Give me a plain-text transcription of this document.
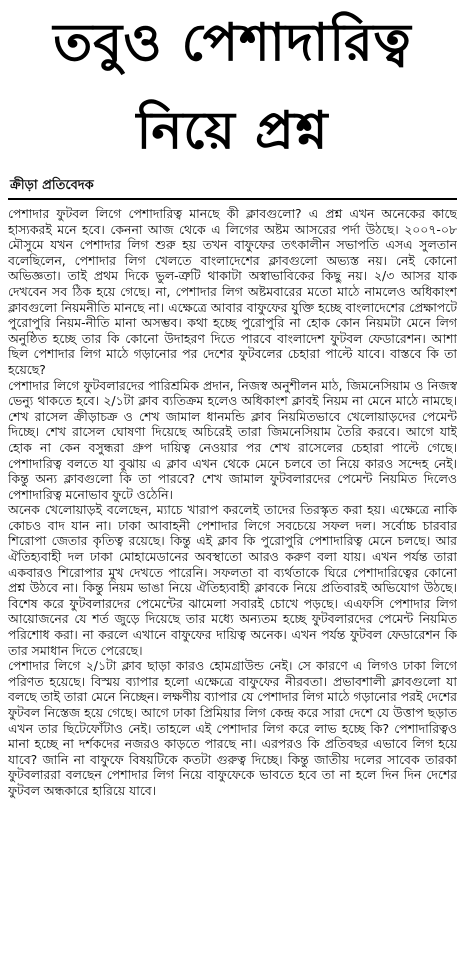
তবুও পেশাদারিত্ব
নিয়ে প্রশ্ন
ক্রীড়া প্রতিবেদক

পেশাদার ফুটবল লিগে পেশাদারিত্ব মানছে কী ক্লাবগুলো? এ প্রশ্ন এখন অনেকের কাছে হাস্যকরই মনে হবে। কেননা আজ থেকে এ লিগের অষ্টম আসরের পর্দা উঠছে। ২০০৭-০৮ মৌসুমে যখন পেশাদার লিগ শুরু হয় তখন বাফুফের তৎকালীন সভাপতি এসএ সুলতান বলেছিলেন, পেশাদার লিগ খেলতে বাংলাদেশের ক্লাবগুলো অভ্যস্ত নয়। নেই কোনো অভিজ্ঞতা। তাই প্রথম দিকে ভুল-ত্রুটি থাকাটা অস্বাভাবিকের কিছু নয়। ২/৩ আসর যাক দেখবেন সব ঠিক হয়ে গেছে। না, পেশাদার লিগ অষ্টমবারের মতো মাঠে নামলেও অধিকাংশ ক্লাবগুলো নিয়মনীতি মানছে না। এক্ষেত্রে আবার বাফুফের যুক্তি হচ্ছে বাংলাদেশের প্রেক্ষাপটে পুরোপুরি নিয়ম-নীতি মানা অসম্ভব। কথা হচ্ছে পুরোপুরি না হোক কোন নিয়মটা মেনে লিগ অনুষ্ঠিত হচ্ছে তার কি কোনো উদাহরণ দিতে পারবে বাংলাদেশ ফুটবল ফেডারেশন। আশা ছিল পেশাদার লিগ মাঠে গড়ানোর পর দেশের ফুটবলের চেহারা পাল্টে যাবে। বাস্তবে কি তা হয়েছে?

পেশাদার লিগে ফুটবলারদের পারিশ্রমিক প্রদান, নিজস্ব অনুশীলন মাঠ, জিমনেসিয়াম ও নিজস্ব ভেন্যু থাকতে হবে। ২/১টা ক্লাব ব্যতিক্রম হলেও অধিকাংশ ক্লাবই নিয়ম না মেনে মাঠে নামছে। শেখ রাসেল ক্রীড়াচক্র ও শেখ জামাল ধানমন্ডি ক্লাব নিয়মিতভাবে খেলোয়াড়দের পেমেন্ট দিচ্ছে। শেখ রাসেল ঘোষণা দিয়েছে অচিরেই তারা জিমনেসিয়াম তৈরি করবে। আগে যাই হোক না কেন বসুন্ধরা গ্রুপ দায়িত্ব নেওয়ার পর শেখ রাসেলের চেহারা পাল্টে গেছে। পেশাদারিত্ব বলতে যা বুঝায় এ ক্লাব এখন থেকে মেনে চলবে তা নিয়ে কারও সন্দেহ নেই। কিন্তু অন্য ক্লাবগুলো কি তা পারবে? শেখ জামাল ফুটবলারদের পেমেন্ট নিয়মিত দিলেও পেশাদারিত্ব মনোভাব ফুটে ওঠেনি।

অনেক খেলোয়াড়ই বলেছেন, ম্যাচে খারাপ করলেই তাদের তিরস্কৃত করা হয়। এক্ষেত্রে নাকি কোচও বাদ যান না। ঢাকা আবাহনী পেশাদার লিগে সবচেয়ে সফল দল। সর্বোচ্চ চারবার শিরোপা জেতার কৃতিত্ব রয়েছে। কিন্তু এই ক্লাব কি পুরোপুরি পেশাদারিত্ব মেনে চলছে। আর ঐতিহ্যবাহী দল ঢাকা মোহামেডানের অবস্থাতো আরও করুণ বলা যায়। এখন পর্যন্ত তারা একবারও শিরোপার মুখ দেখতে পারেনি। সফলতা বা ব্যর্থতাকে ঘিরে পেশাদারিত্বের কোনো প্রশ্ন উঠবে না। কিন্তু নিয়ম ভাঙা নিয়ে ঐতিহ্যবাহী ক্লাবকে নিয়ে প্রতিবারই অভিযোগ উঠছে। বিশেষ করে ফুটবলারদের পেমেন্টের ঝামেলা সবারই চোখে পড়ছে। এএফসি পেশাদার লিগ আয়োজনের যে শর্ত জুড়ে দিয়েছে তার মধ্যে অন্যতম হচ্ছে ফুটবলারদের পেমেন্ট নিয়মিত পরিশোধ করা। না করলে এখানে বাফুফের দায়িত্ব অনেক। এখন পর্যন্ত ফুটবল ফেডারেশন কি তার সমাধান দিতে পেরেছে।

পেশাদার লিগে ২/১টা ক্লাব ছাড়া কারও হোমগ্রাউন্ড নেই। সে কারণে এ লিগও ঢাকা লিগে পরিণত হয়েছে। বিস্ময় ব্যাপার হলো এক্ষেত্রে বাফুফের নীরবতা। প্রভাবশালী ক্লাবগুলো যা বলছে তাই তারা মেনে নিচ্ছেন। লক্ষণীয় ব্যাপার যে পেশাদার লিগ মাঠে গড়ানোর পরই দেশের ফুটবল নিস্তেজ হয়ে গেছে। আগে ঢাকা প্রিমিয়ার লিগ কেন্দ্র করে সারা দেশে যে উত্তাপ ছড়াত এখন তার ছিটেফোঁটাও নেই। তাহলে এই পেশাদার লিগ করে লাভ হচ্ছে কি? পেশাদারিত্বও মানা হচ্ছে না দর্শকদের নজরও কাড়তে পারছে না। এরপরও কি প্রতিবছর এভাবে লিগ হয়ে যাবে? জানি না বাফুফে বিষয়টিকে কতটা গুরুত্ব দিচ্ছে। কিন্তু জাতীয় দলের সাবেক তারকা ফুটবলাররা বলছেন পেশাদার লিগ নিয়ে বাফুফেকে ভাবতে হবে তা না হলে দিন দিন দেশের ফুটবল অন্ধকারে হারিয়ে যাবে।
